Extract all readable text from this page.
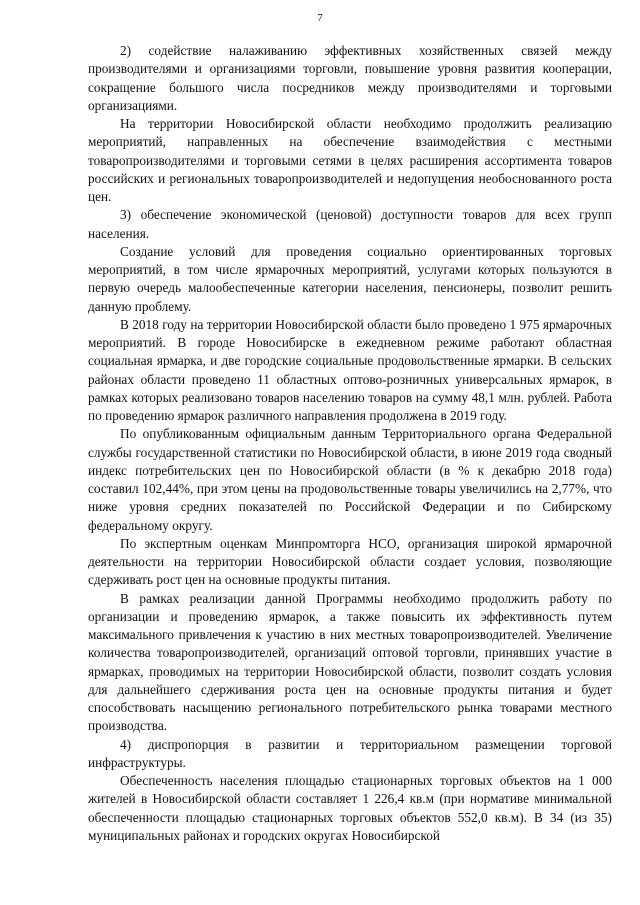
7

2) содействие налаживанию эффективных хозяйственных связей между производителями и организациями торговли, повышение уровня развития кооперации, сокращение большого числа посредников между производителями и торговыми организациями.

На территории Новосибирской области необходимо продолжить реализацию мероприятий, направленных на обеспечение взаимодействия с местными товаропроизводителями и торговыми сетями в целях расширения ассортимента товаров российских и региональных товаропроизводителей и недопущения необоснованного роста цен.

3) обеспечение экономической (ценовой) доступности товаров для всех групп населения.

Создание условий для проведения социально ориентированных торговых мероприятий, в том числе ярмарочных мероприятий, услугами которых пользуются в первую очередь малообеспеченные категории населения, пенсионеры, позволит решить данную проблему.

В 2018 году на территории Новосибирской области было проведено 1 975 ярмарочных мероприятий. В городе Новосибирске в ежедневном режиме работают областная социальная ярмарка, и две городские социальные продовольственные ярмарки. В сельских районах области проведено 11 областных оптово-розничных универсальных ярмарок, в рамках которых реализовано товаров населению товаров на сумму 48,1 млн. рублей. Работа по проведению ярмарок различного направления продолжена в 2019 году.

По опубликованным официальным данным Территориального органа Федеральной службы государственной статистики по Новосибирской области, в июне 2019 года сводный индекс потребительских цен по Новосибирской области (в % к декабрю 2018 года) составил 102,44%, при этом цены на продовольственные товары увеличились на 2,77%, что ниже уровня средних показателей по Российской Федерации и по Сибирскому федеральному округу.

По экспертным оценкам Минпромторга НСО, организация широкой ярмарочной деятельности на территории Новосибирской области создает условия, позволяющие сдерживать рост цен на основные продукты питания.

В рамках реализации данной Программы необходимо продолжить работу по организации и проведению ярмарок, а также повысить их эффективность путем максимального привлечения к участию в них местных товаропроизводителей. Увеличение количества товаропроизводителей, организаций оптовой торговли, принявших участие в ярмарках, проводимых на территории Новосибирской области, позволит создать условия для дальнейшего сдерживания роста цен на основные продукты питания и будет способствовать насыщению регионального потребительского рынка товарами местного производства.

4) диспропорция в развитии и территориальном размещении торговой инфраструктуры.

Обеспеченность населения площадью стационарных торговых объектов на 1 000 жителей в Новосибирской области составляет 1 226,4 кв.м (при нормативе минимальной обеспеченности площадью стационарных торговых объектов 552,0 кв.м). В 34 (из 35) муниципальных районах и городских округах Новосибирской
